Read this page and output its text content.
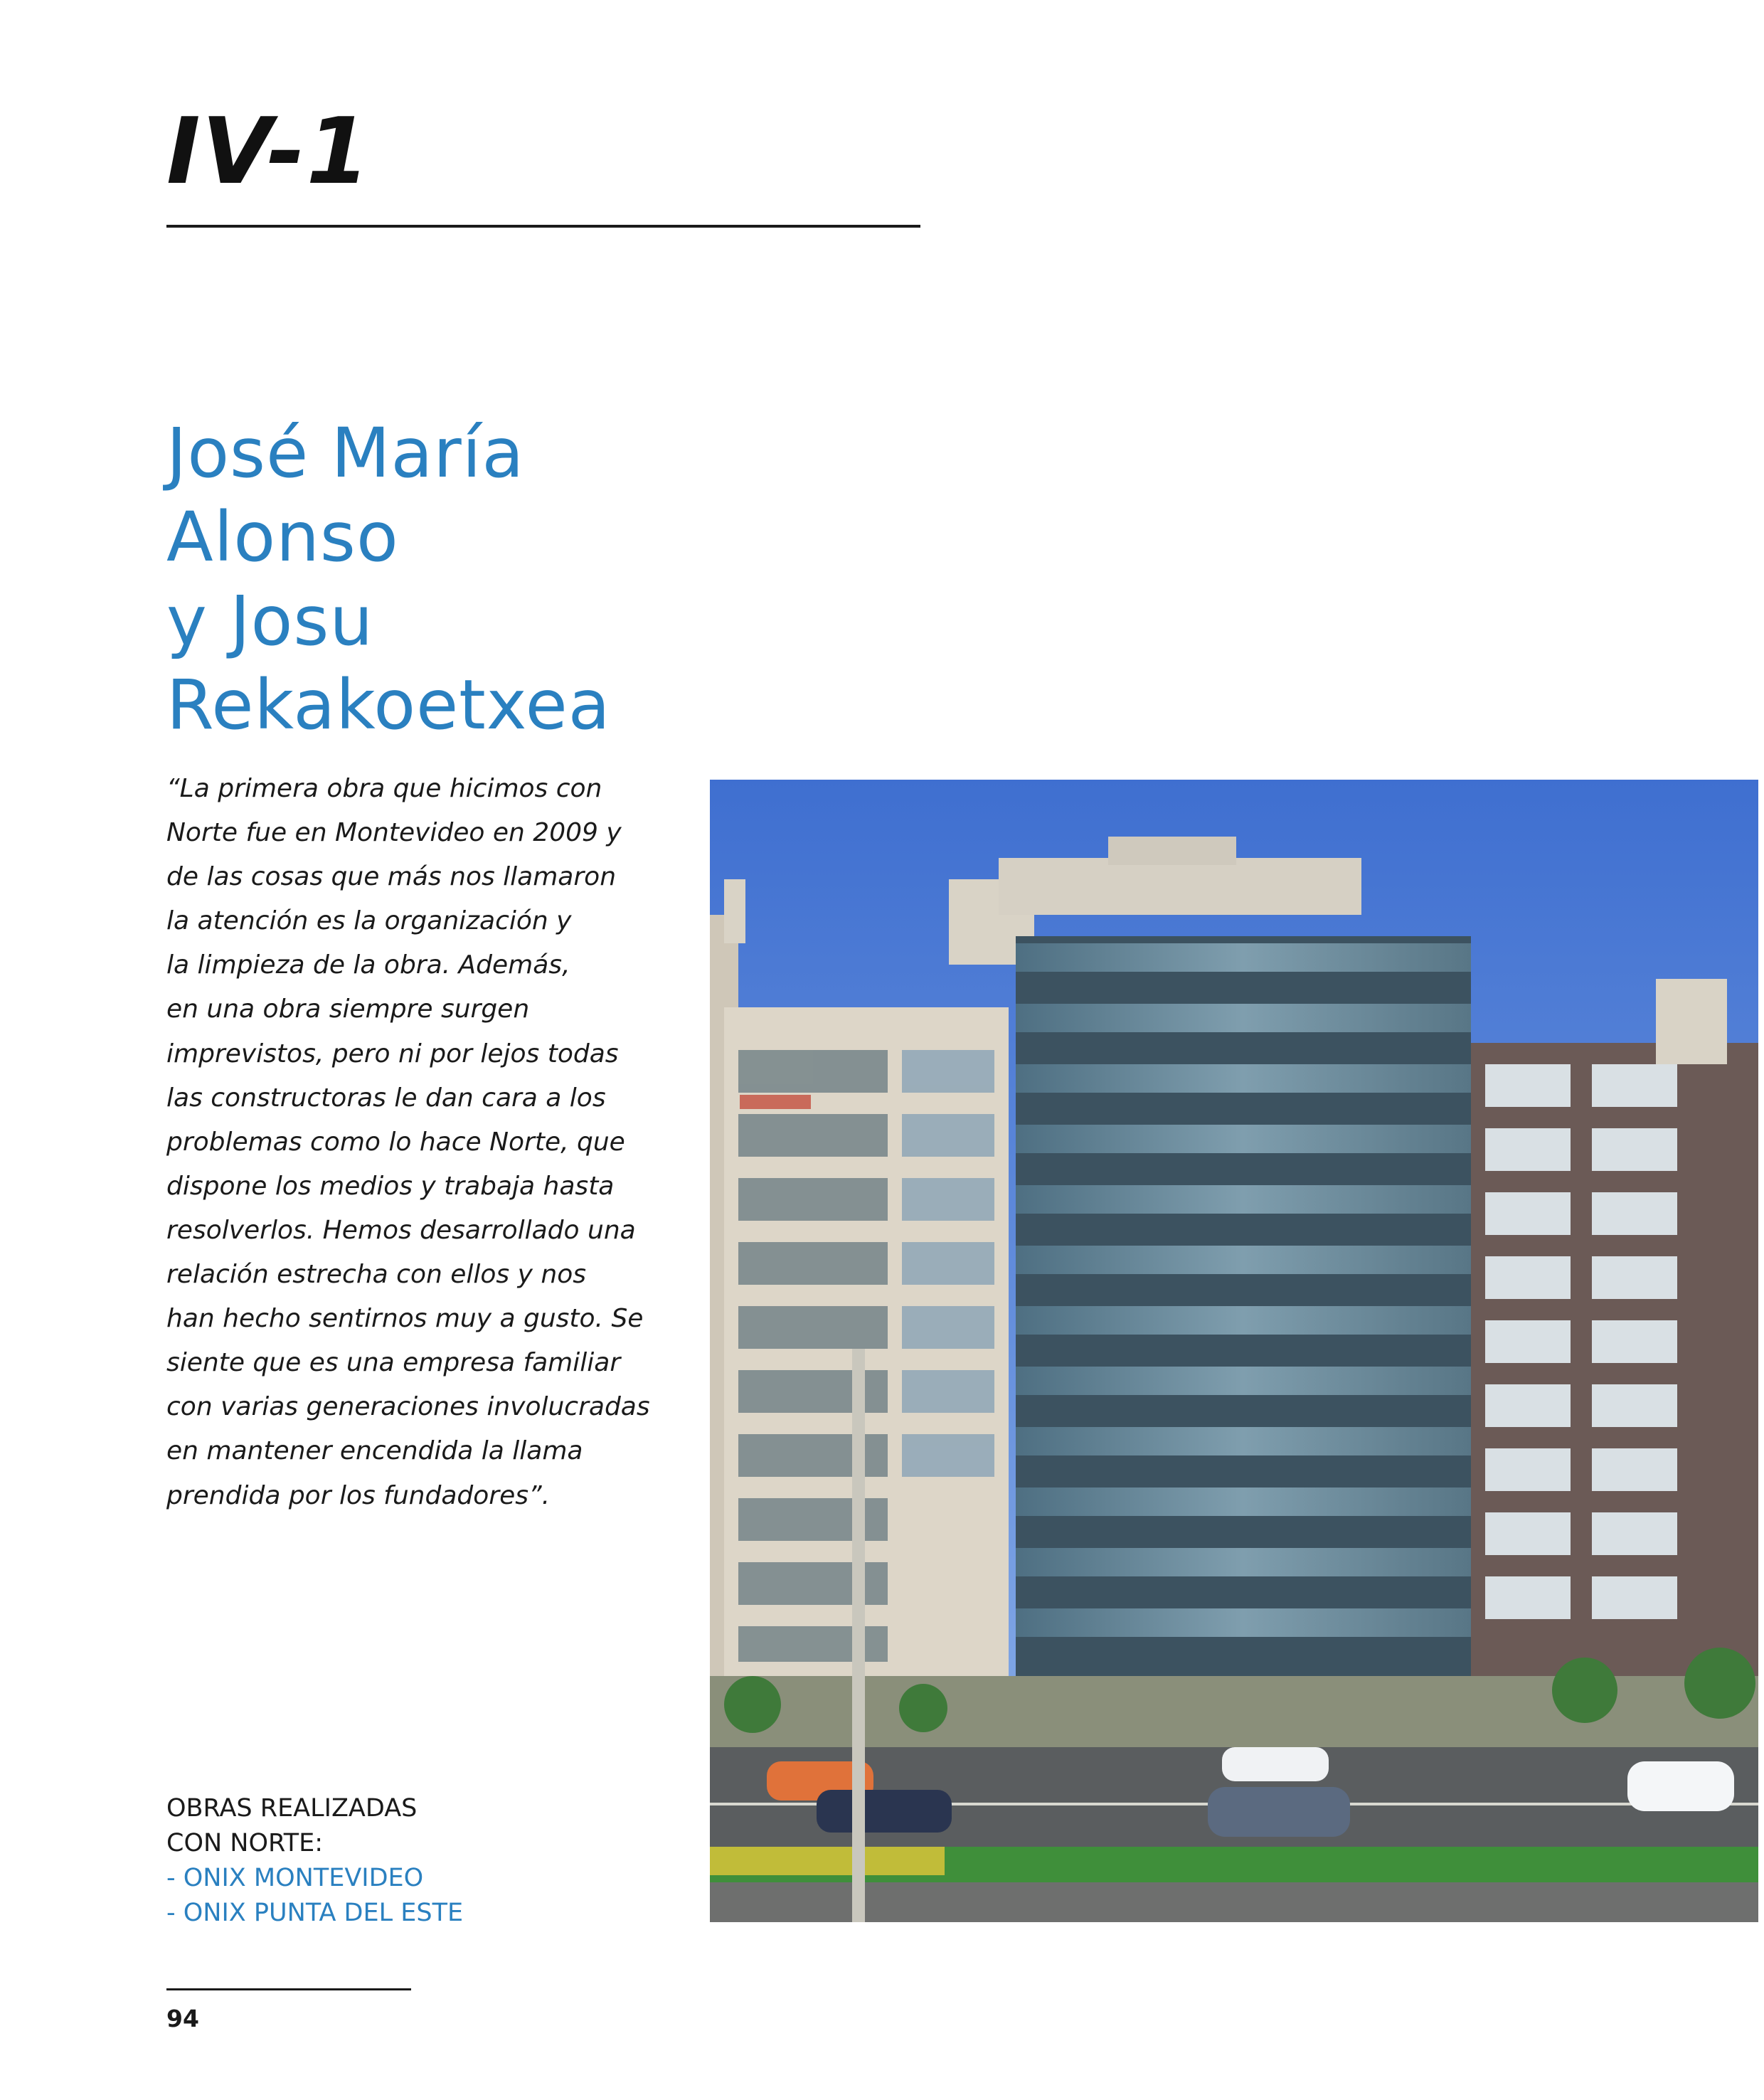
IV-1
José María
Alonso
y Josu
Rekakoetxea
“La primera obra que hicimos con
Norte fue en Montevideo en 2009 y
de las cosas que más nos llamaron
la atención es la organización y
la limpieza de la obra. Además,
en una obra siempre surgen
imprevistos, pero ni por lejos todas
las constructoras le dan cara a los
problemas como lo hace Norte, que
dispone los medios y trabaja hasta
resolverlos. Hemos desarrollado una
relación estrecha con ellos y nos
han hecho sentirnos muy a gusto. Se
siente que es una empresa familiar
con varias generaciones involucradas
en mantener encendida la llama
prendida por los fundadores”.
OBRAS REALIZADAS
CON NORTE:
- ONIX MONTEVIDEO
- ONIX PUNTA DEL ESTE
94
